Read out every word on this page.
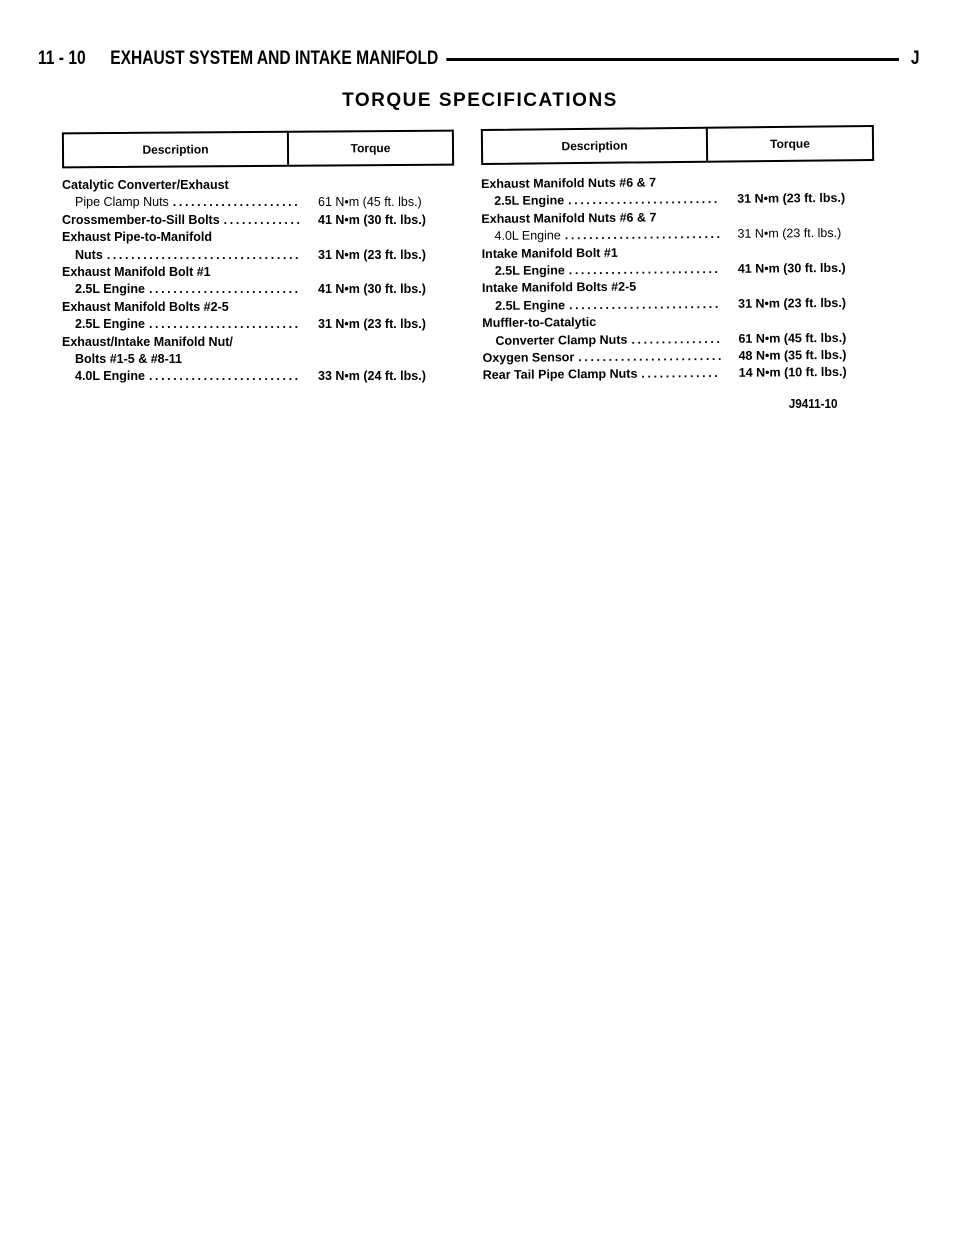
11 - 10 EXHAUST SYSTEM AND INTAKE MANIFOLD	J
TORQUE SPECIFICATIONS
Description	Torque	Description	Torque
Catalytic Converter/Exhaust
Pipe Clamp Nuts .....	61 N•m (45 ft. lbs.)
Crossmember-to-Sill Bolts .....	41 N•m (30 ft. lbs.)
Exhaust Pipe-to-Manifold
Nuts .....	31 N•m (23 ft. lbs.)
Exhaust Manifold Bolt #1
2.5L Engine .....	41 N•m (30 ft. lbs.)
Exhaust Manifold Bolts #2-5
2.5L Engine .....	31 N•m (23 ft. lbs.)
Exhaust/Intake Manifold Nut/
Bolts #1-5 & #8-11
4.0L Engine .....	33 N•m (24 ft. lbs.)
Exhaust Manifold Nuts #6 & 7
2.5L Engine .....	31 N•m (23 ft. lbs.)
Exhaust Manifold Nuts #6 & 7
4.0L Engine .....	31 N•m (23 ft. lbs.)
Intake Manifold Bolt #1
2.5L Engine .....	41 N•m (30 ft. lbs.)
Intake Manifold Bolts #2-5
2.5L Engine .....	31 N•m (23 ft. lbs.)
Muffler-to-Catalytic
Converter Clamp Nuts .....	61 N•m (45 ft. lbs.)
Oxygen Sensor .....	48 N•m (35 ft. lbs.)
Rear Tail Pipe Clamp Nuts .....	14 N•m (10 ft. lbs.)
J9411-10
